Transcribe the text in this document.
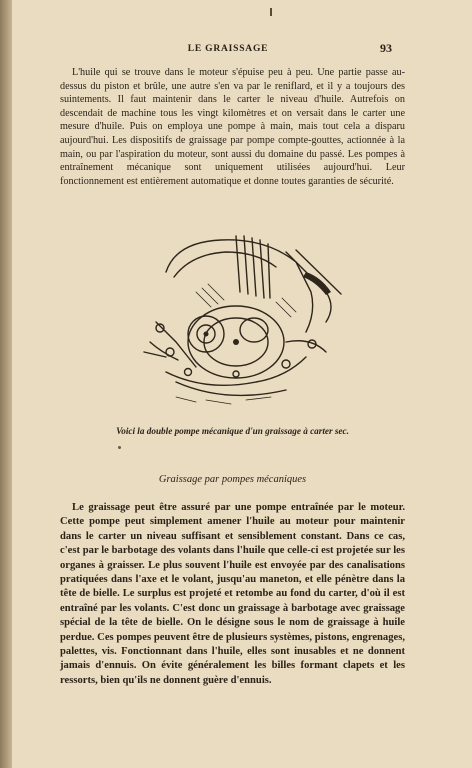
LE GRAISSAGE	93

L'huile qui se trouve dans le moteur s'épuise peu à peu. Une partie passe au-dessus du piston et brûle, une autre s'en va par le reniflard, et il y a toujours des suintements. Il faut maintenir dans le carter le niveau d'huile. Autrefois on descendait de machine tous les vingt kilomètres et on versait dans le carter une mesure d'huile. Puis on employa une pompe à main, mais tout cela a disparu aujourd'hui. Les dispositifs de graissage par pompe compte-gouttes, actionnée à la main, ou par l'aspiration du moteur, sont aussi du domaine du passé. Les pompes à entraînement mécanique sont uniquement utilisées aujourd'hui. Leur fonctionnement est entièrement automatique et donne toutes garanties de sécurité.

Voici la double pompe mécanique d'un graissage à carter sec.
Graissage par pompes mécaniques

Le graissage peut être assuré par une pompe entraînée par le moteur. Cette pompe peut simplement amener l'huile au moteur pour maintenir dans le carter un niveau suffisant et sensiblement constant. Dans ce cas, c'est par le barbotage des volants dans l'huile que celle-ci est projetée sur les organes à graisser. Le plus souvent l'huile est envoyée par des canalisations pratiquées dans l'axe et le volant, jusqu'au maneton, et elle pénètre dans la tête de bielle. Le surplus est projeté et retombe au fond du carter, d'où il est entraîné par les volants. C'est donc un graissage à barbotage avec graissage spécial de la tête de bielle. On le désigne sous le nom de graissage à huile perdue. Ces pompes peuvent être de plusieurs systèmes, pistons, engrenages, palettes, vis. Fonctionnant dans l'huile, elles sont inusables et ne donnent jamais d'ennuis. On évite généralement les billes formant clapets et les ressorts, bien qu'ils ne donnent guère d'ennuis.
